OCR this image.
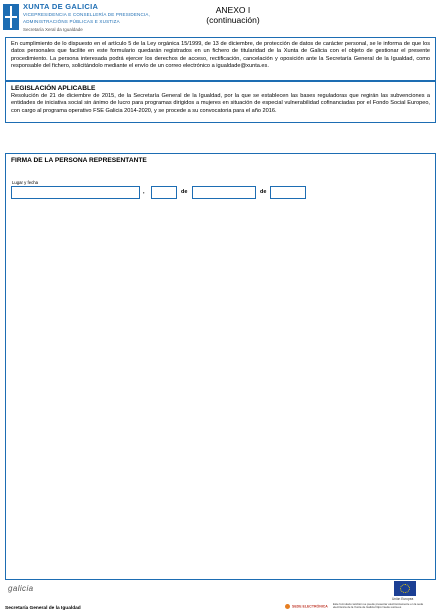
XUNTA DE GALICIA
VICEPRESIDENCIA E CONSELLERÍA DE PRESIDENCIA,
ADMINISTRACIÓNS PÚBLICAS E XUSTIZA
Secretaría Xeral da Igualdade
ANEXO I
(continuación)

En cumplimiento de lo dispuesto en el artículo 5 de la Ley orgánica 15/1999, de 13 de diciembre, de protección de datos de carácter personal, se le informa de que los datos personales que facilite en este formulario quedarán registrados en un fichero de titularidad de la Xunta de Galicia con el objeto de gestionar el presente procedimiento. La persona interesada podrá ejercer los derechos de acceso, rectificación, cancelación y oposición ante la Secretaría General de la Igualdad, como responsable del fichero, solicitándolo mediante el envío de un correo electrónico a igualdade@xunta.es.

LEGISLACIÓN APLICABLE

Resolución de 21 de diciembre de 2015, de la Secretaría General de la Igualdad, por la que se establecen las bases reguladoras que regirán las subvenciones a entidades de iniciativa social sin ánimo de lucro para programas dirigidos a mujeres en situación de especial vulnerabilidad cofinanciadas por el Fondo Social Europeo, con cargo al programa operativo FSE Galicia 2014-2020, y se procede a su convocatoria para el año 2016.

FIRMA DE LA PERSONA REPRESENTANTE
Lugar y fecha
,	de	de
galicia
Unión Europea
Secretaría General de la Igualdad	SEDE ELECTRÓNICA
Este formulario también se puede presentar electrónicamente en la sede electrónica de la Xunta de Galicia https://sede.xunta.es
